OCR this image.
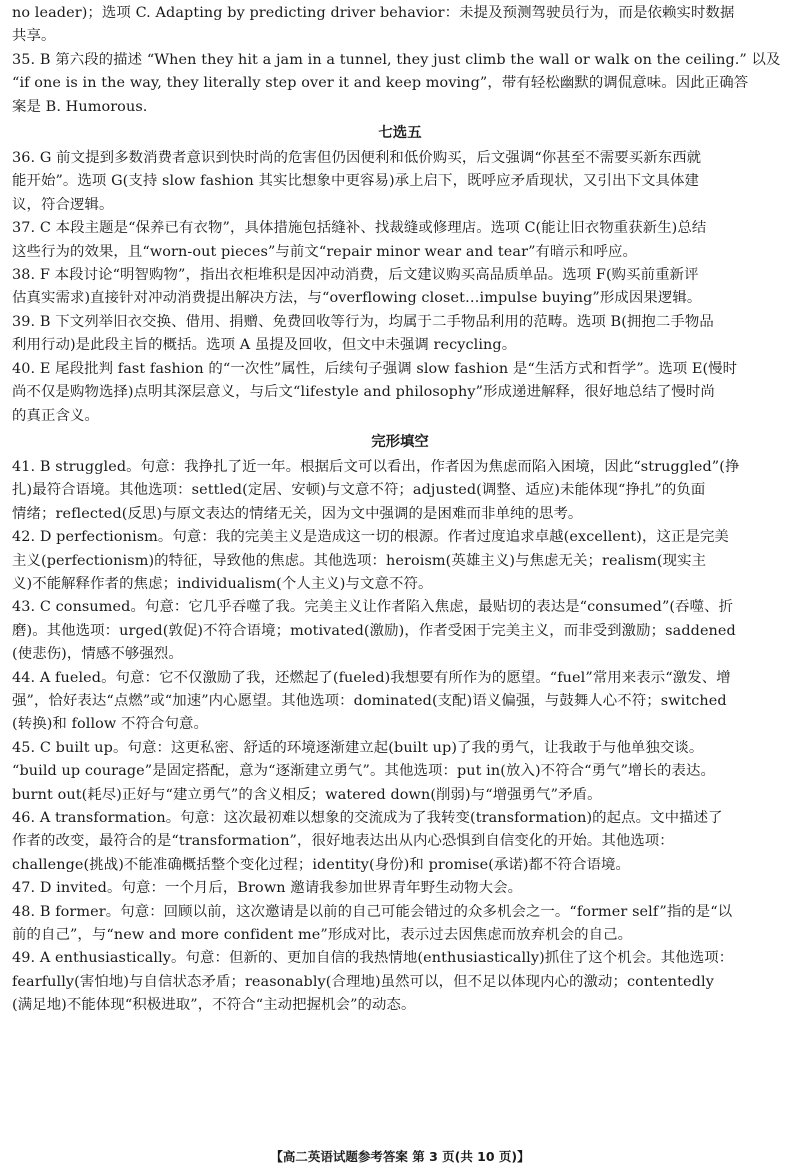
no leader)；选项 C. Adapting by predicting driver behavior：未提及预测驾驶员行为，而是依赖实时数据
共享。
35. B 第六段的描述 “When they hit a jam in a tunnel, they just climb the wall or walk on the ceiling.” 以及
“if one is in the way, they literally step over it and keep moving”，带有轻松幽默的调侃意味。因此正确答
案是 B. Humorous.
七选五
36. G 前文提到多数消费者意识到快时尚的危害但仍因便利和低价购买，后文强调“你甚至不需要买新东西就
能开始”。选项 G(支持 slow fashion 其实比想象中更容易)承上启下，既呼应矛盾现状，又引出下文具体建
议，符合逻辑。
37. C 本段主题是“保养已有衣物”，具体措施包括缝补、找裁缝或修理店。选项 C(能让旧衣物重获新生)总结
这些行为的效果，且“worn-out pieces”与前文“repair minor wear and tear”有暗示和呼应。
38. F 本段讨论“明智购物”，指出衣柜堆积是因冲动消费，后文建议购买高品质单品。选项 F(购买前重新评
估真实需求)直接针对冲动消费提出解决方法，与“overflowing closet…impulse buying”形成因果逻辑。
39. B 下文列举旧衣交换、借用、捐赠、免费回收等行为，均属于二手物品利用的范畴。选项 B(拥抱二手物品
利用行动)是此段主旨的概括。选项 A 虽提及回收，但文中未强调 recycling。
40. E 尾段批判 fast fashion 的“一次性”属性，后续句子强调 slow fashion 是“生活方式和哲学”。选项 E(慢时
尚不仅是购物选择)点明其深层意义，与后文“lifestyle and philosophy”形成递进解释，很好地总结了慢时尚
的真正含义。
完形填空
41. B struggled。句意：我挣扎了近一年。根据后文可以看出，作者因为焦虑而陷入困境，因此“struggled”(挣
扎)最符合语境。其他选项：settled(定居、安顿)与文意不符；adjusted(调整、适应)未能体现“挣扎”的负面
情绪；reflected(反思)与原文表达的情绪无关，因为文中强调的是困难而非单纯的思考。
42. D perfectionism。句意：我的完美主义是造成这一切的根源。作者过度追求卓越(excellent)，这正是完美
主义(perfectionism)的特征，导致他的焦虑。其他选项：heroism(英雄主义)与焦虑无关；realism(现实主
义)不能解释作者的焦虑；individualism(个人主义)与文意不符。
43. C consumed。句意：它几乎吞噬了我。完美主义让作者陷入焦虑，最贴切的表达是“consumed”(吞噬、折
磨)。其他选项：urged(敦促)不符合语境；motivated(激励)，作者受困于完美主义，而非受到激励；saddened
(使悲伤)，情感不够强烈。
44. A fueled。句意：它不仅激励了我，还燃起了(fueled)我想要有所作为的愿望。“fuel”常用来表示“激发、增
强”，恰好表达“点燃”或“加速”内心愿望。其他选项：dominated(支配)语义偏强，与鼓舞人心不符；switched
(转换)和 follow 不符合句意。
45. C built up。句意：这更私密、舒适的环境逐渐建立起(built up)了我的勇气，让我敢于与他单独交谈。
“build up courage”是固定搭配，意为“逐渐建立勇气”。其他选项：put in(放入)不符合“勇气”增长的表达。
burnt out(耗尽)正好与“建立勇气”的含义相反；watered down(削弱)与“增强勇气”矛盾。
46. A transformation。句意：这次最初难以想象的交流成为了我转变(transformation)的起点。文中描述了
作者的改变，最符合的是“transformation”，很好地表达出从内心恐惧到自信变化的开始。其他选项：
challenge(挑战)不能准确概括整个变化过程；identity(身份)和 promise(承诺)都不符合语境。
47. D invited。句意：一个月后，Brown 邀请我参加世界青年野生动物大会。
48. B former。句意：回顾以前，这次邀请是以前的自己可能会错过的众多机会之一。“former self”指的是“以
前的自己”，与“new and more confident me”形成对比，表示过去因焦虑而放弃机会的自己。
49. A enthusiastically。句意：但新的、更加自信的我热情地(enthusiastically)抓住了这个机会。其他选项：
fearfully(害怕地)与自信状态矛盾；reasonably(合理地)虽然可以，但不足以体现内心的激动；contentedly
(满足地)不能体现“积极进取”，不符合“主动把握机会”的动态。
【高二英语试题参考答案 第 3 页(共 10 页)】
